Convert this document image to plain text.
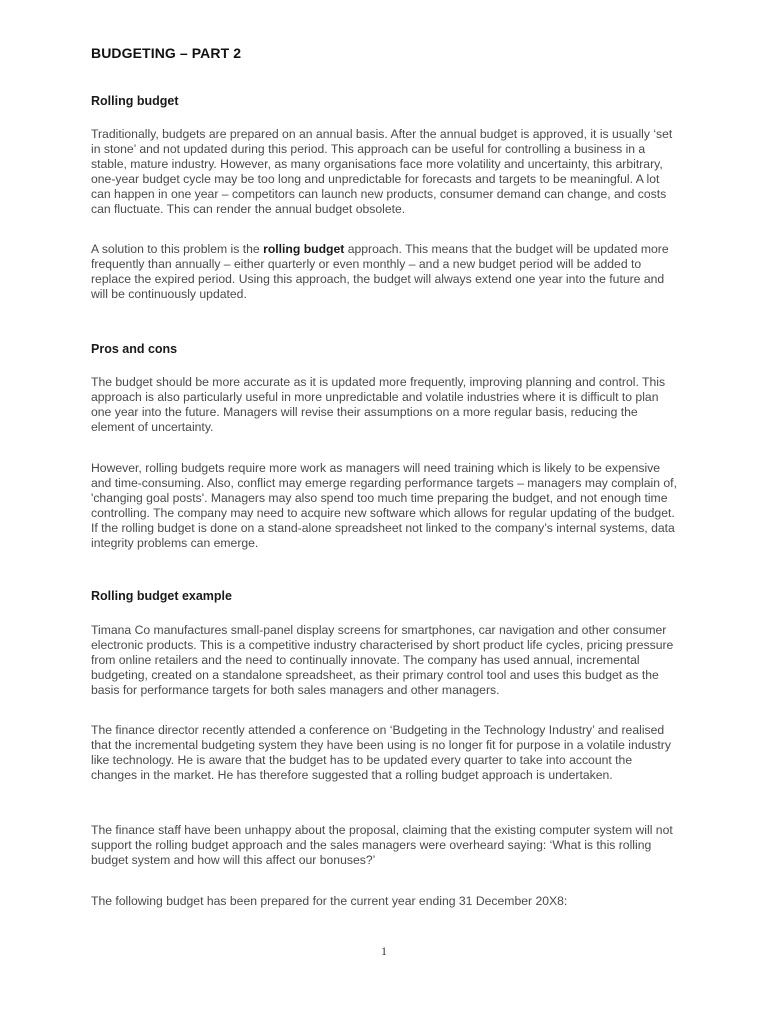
BUDGETING – PART 2
Rolling budget

Traditionally, budgets are prepared on an annual basis. After the annual budget is approved, it is usually ‘set in stone’ and not updated during this period. This approach can be useful for controlling a business in a stable, mature industry. However, as many organisations face more volatility and uncertainty, this arbitrary, one-year budget cycle may be too long and unpredictable for forecasts and targets to be meaningful. A lot can happen in one year – competitors can launch new products, consumer demand can change, and costs can fluctuate. This can render the annual budget obsolete.

A solution to this problem is the rolling budget approach. This means that the budget will be updated more frequently than annually – either quarterly or even monthly – and a new budget period will be added to replace the expired period. Using this approach, the budget will always extend one year into the future and will be continuously updated.

Pros and cons

The budget should be more accurate as it is updated more frequently, improving planning and control. This approach is also particularly useful in more unpredictable and volatile industries where it is difficult to plan one year into the future. Managers will revise their assumptions on a more regular basis, reducing the element of uncertainty.

However, rolling budgets require more work as managers will need training which is likely to be expensive and time-consuming. Also, conflict may emerge regarding performance targets – managers may complain of, 'changing goal posts'. Managers may also spend too much time preparing the budget, and not enough time controlling. The company may need to acquire new software which allows for regular updating of the budget. If the rolling budget is done on a stand-alone spreadsheet not linked to the company’s internal systems, data integrity problems can emerge.

Rolling budget example

Timana Co manufactures small-panel display screens for smartphones, car navigation and other consumer electronic products. This is a competitive industry characterised by short product life cycles, pricing pressure from online retailers and the need to continually innovate. The company has used annual, incremental budgeting, created on a standalone spreadsheet, as their primary control tool and uses this budget as the basis for performance targets for both sales managers and other managers.

The finance director recently attended a conference on ‘Budgeting in the Technology Industry’ and realised that the incremental budgeting system they have been using is no longer fit for purpose in a volatile industry like technology. He is aware that the budget has to be updated every quarter to take into account the changes in the market. He has therefore suggested that a rolling budget approach is undertaken.

The finance staff have been unhappy about the proposal, claiming that the existing computer system will not support the rolling budget approach and the sales managers were overheard saying: ‘What is this rolling budget system and how will this affect our bonuses?’

The following budget has been prepared for the current year ending 31 December 20X8:

1
